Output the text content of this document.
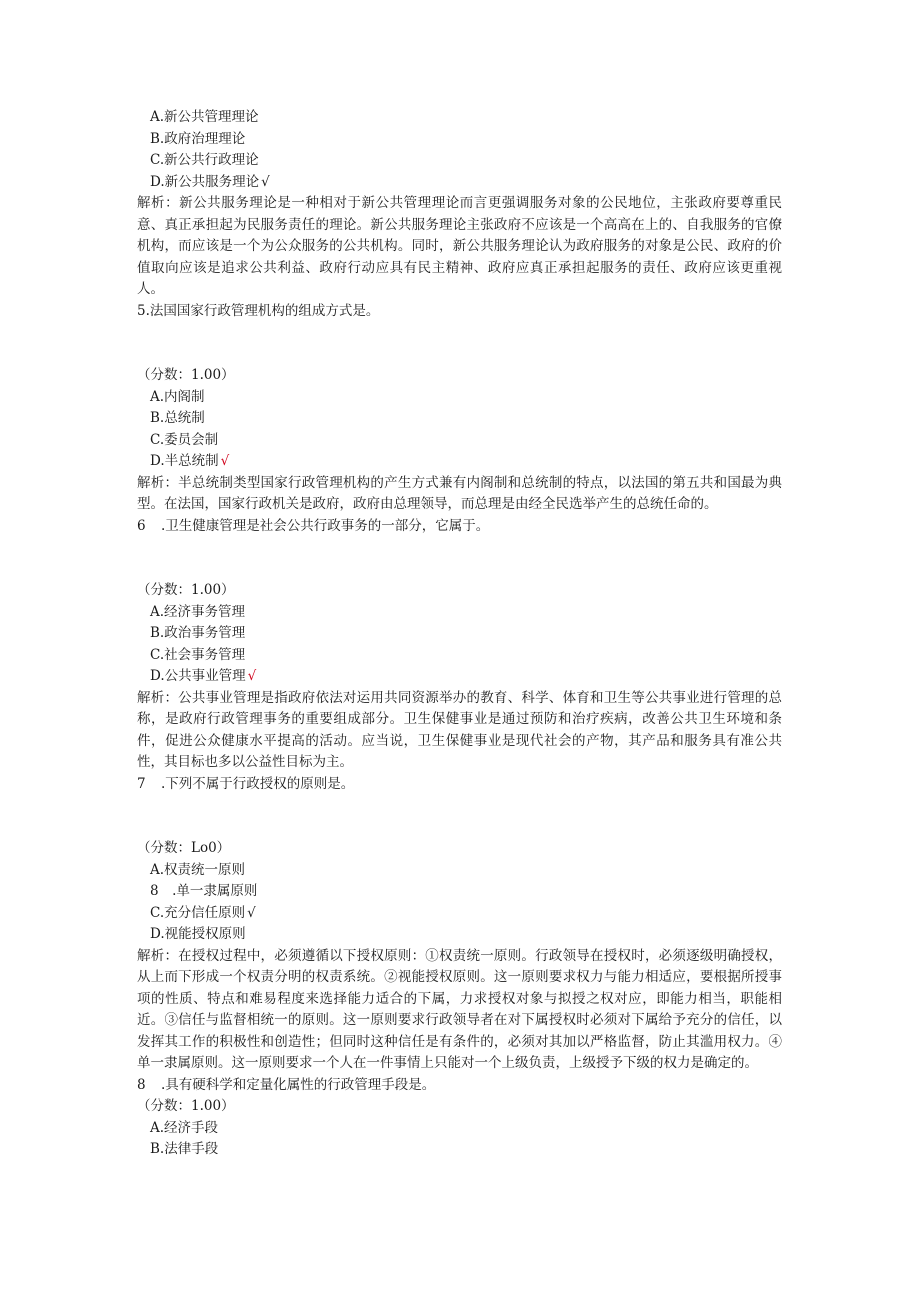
A.新公共管理理论
B.政府治理理论
C.新公共行政理论
D.新公共服务理论 √
解析：新公共服务理论是一种相对于新公共管理理论而言更强调服务对象的公民地位，主张政府要尊重民意、真正承担起为民服务责任的理论。新公共服务理论主张政府不应该是一个高高在上的、自我服务的官僚机构，而应该是一个为公众服务的公共机构。同时，新公共服务理论认为政府服务的对象是公民、政府的价值取向应该是追求公共利益、政府行动应具有民主精神、政府应真正承担起服务的责任、政府应该更重视人。
5.法国国家行政管理机构的组成方式是。
（分数：1.00）
A.内阁制
B.总统制
C.委员会制
D.半总统制 √
解析：半总统制类型国家行政管理机构的产生方式兼有内阁制和总统制的特点，以法国的第五共和国最为典型。在法国，国家行政机关是政府，政府由总理领导，而总理是由经全民选举产生的总统任命的。
6 .卫生健康管理是社会公共行政事务的一部分，它属于。
（分数：1.00）
A.经济事务管理
B.政治事务管理
C.社会事务管理
D.公共事业管理 √
解析：公共事业管理是指政府依法对运用共同资源举办的教育、科学、体育和卫生等公共事业进行管理的总称，是政府行政管理事务的重要组成部分。卫生保健事业是通过预防和治疗疾病，改善公共卫生环境和条件，促进公众健康水平提高的活动。应当说，卫生保健事业是现代社会的产物，其产品和服务具有准公共性，其目标也多以公益性目标为主。
7 .下列不属于行政授权的原则是。
（分数：Lo0）
A.权责统一原则
8　.单一隶属原则
C.充分信任原则 √
D.视能授权原则
解析：在授权过程中，必须遵循以下授权原则：①权责统一原则。行政领导在授权时，必须逐级明确授权，从上而下形成一个权责分明的权责系统。②视能授权原则。这一原则要求权力与能力相适应，要根据所授事项的性质、特点和难易程度来选择能力适合的下属，力求授权对象与拟授之权对应，即能力相当，职能相近。③信任与监督相统一的原则。这一原则要求行政领导者在对下属授权时必须对下属给予充分的信任，以发挥其工作的积极性和创造性；但同时这种信任是有条件的，必须对其加以严格监督，防止其滥用权力。④单一隶属原则。这一原则要求一个人在一件事情上只能对一个上级负责，上级授予下级的权力是确定的。
8 .具有硬科学和定量化属性的行政管理手段是。
（分数：1.00）
A.经济手段
B.法律手段
